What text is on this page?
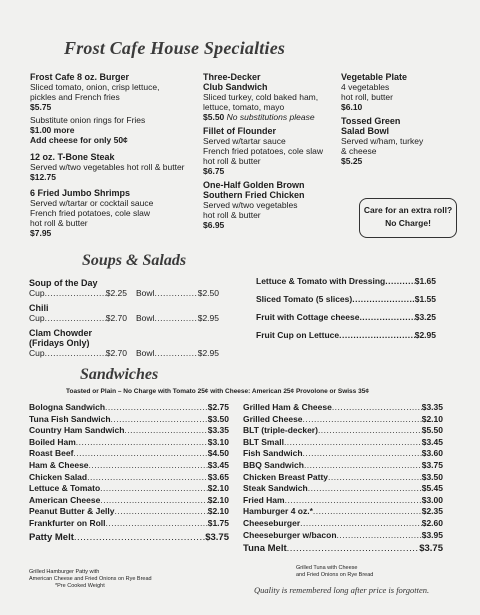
Frost Cafe House Specialties
Frost Cafe 8 oz. Burger
Sliced tomato, onion, crisp lettuce,
pickles and French fries
$5.75
Substitute onion rings for Fries
$1.00 more
Add cheese for only 50¢
12 oz. T-Bone Steak
Served w/two vegetables hot roll & butter
$12.75
6 Fried Jumbo Shrimps
Served w/tartar or cocktail sauce
French fried potatoes, cole slaw
hot roll & butter
$7.95
Three-Decker
Club Sandwich
Sliced turkey, cold baked ham,
lettuce, tomato, mayo
$5.50 No substitutions please
Fillet of Flounder
Served w/tartar sauce
French fried potatoes, cole slaw
hot roll & butter
$6.75
One-Half Golden Brown
Southern Fried Chicken
Served w/two vegetables
hot roll & butter
$6.95
Vegetable Plate
4 vegetables
hot roll, butter
$6.10
Tossed Green
Salad Bowl
Served w/ham, turkey
& cheese
$5.25
Care for an extra roll?
No Charge!
Soups & Salads
Soup of the Day
Cup .....	$2.25 Bowl .....	$2.50
Chili
Cup .....	$2.70 Bowl .....	$2.95
Clam Chowder
(Fridays Only)
Cup .....	$2.70 Bowl .....	$2.95
Lettuce & Tomato with Dressing .....	$1.65
Sliced Tomato (5 slices) .....	$1.55
Fruit with Cottage cheese .....	$3.25
Fruit Cup on Lettuce .....	$2.95
Sandwiches
Toasted or Plain – No Charge with Tomato 25¢ with Cheese: American 25¢ Provolone or Swiss 35¢
Bologna Sandwich .....	$2.75
Tuna Fish Sandwich .....	$3.50
Country Ham Sandwich .....	$3.35
Boiled Ham .....	$3.10
Roast Beef .....	$4.50
Ham & Cheese .....	$3.45
Chicken Salad .....	$3.65
Lettuce & Tomato .....	$2.10
American Cheese .....	$2.10
Peanut Butter & Jelly .....	$2.10
Frankfurter on Roll .....	$1.75
Patty Melt .....	$3.75
Grilled Ham & Cheese .....	$3.35
Grilled Cheese .....	$2.10
BLT (triple-decker) .....	$5.50
BLT Small .....	$3.45
Fish Sandwich .....	$3.60
BBQ Sandwich .....	$3.75
Chicken Breast Patty .....	$3.50
Steak Sandwich .....	$5.45
Fried Ham .....	$3.00
Hamburger 4 oz.* .....	$2.35
Cheeseburger .....	$2.60
Cheeseburger w/bacon .....	$3.95
Tuna Melt .....	$3.75
Grilled Hamburger Patty with
American Cheese and Fried Onions on Rye Bread
*Pre Cooked Weight
Grilled Tuna with Cheese
and Fried Onions on Rye Bread
Quality is remembered long after price is forgotten.
